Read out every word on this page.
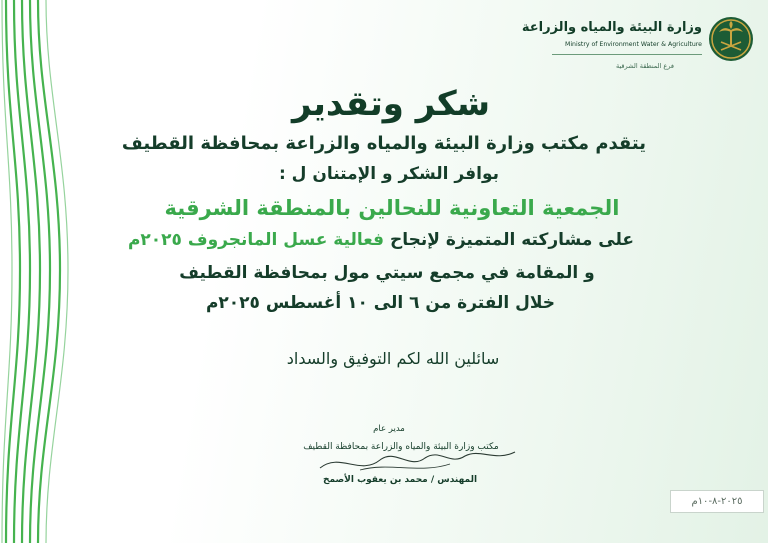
وزارة البيئة والمياه والزراعة
Ministry of Environment Water & Agriculture
فرع المنطقة الشرقية
شكر وتقدير
يتقدم مكتب وزارة البيئة والمياه والزراعة بمحافظة القطيف
بوافر الشكر و الإمتنان ل :
الجمعية التعاونية للنحالين بالمنطقة الشرقية
على مشاركته المتميزة لإنجاح فعالية عسل المانجروف ٢٠٢٥م
و المقامة في مجمع سيتي مول بمحافظة القطيف
خلال الفترة من ٦ الى ١٠ أغسطس ٢٠٢٥م
سائلين الله لكم التوفيق والسداد
مدير عام
مكتب وزارة البيئة والمياه والزراعة بمحافظة القطيف
المهندس / محمد بن يعقوب الأصمخ
٢٠٢٥-٨-١٠م
